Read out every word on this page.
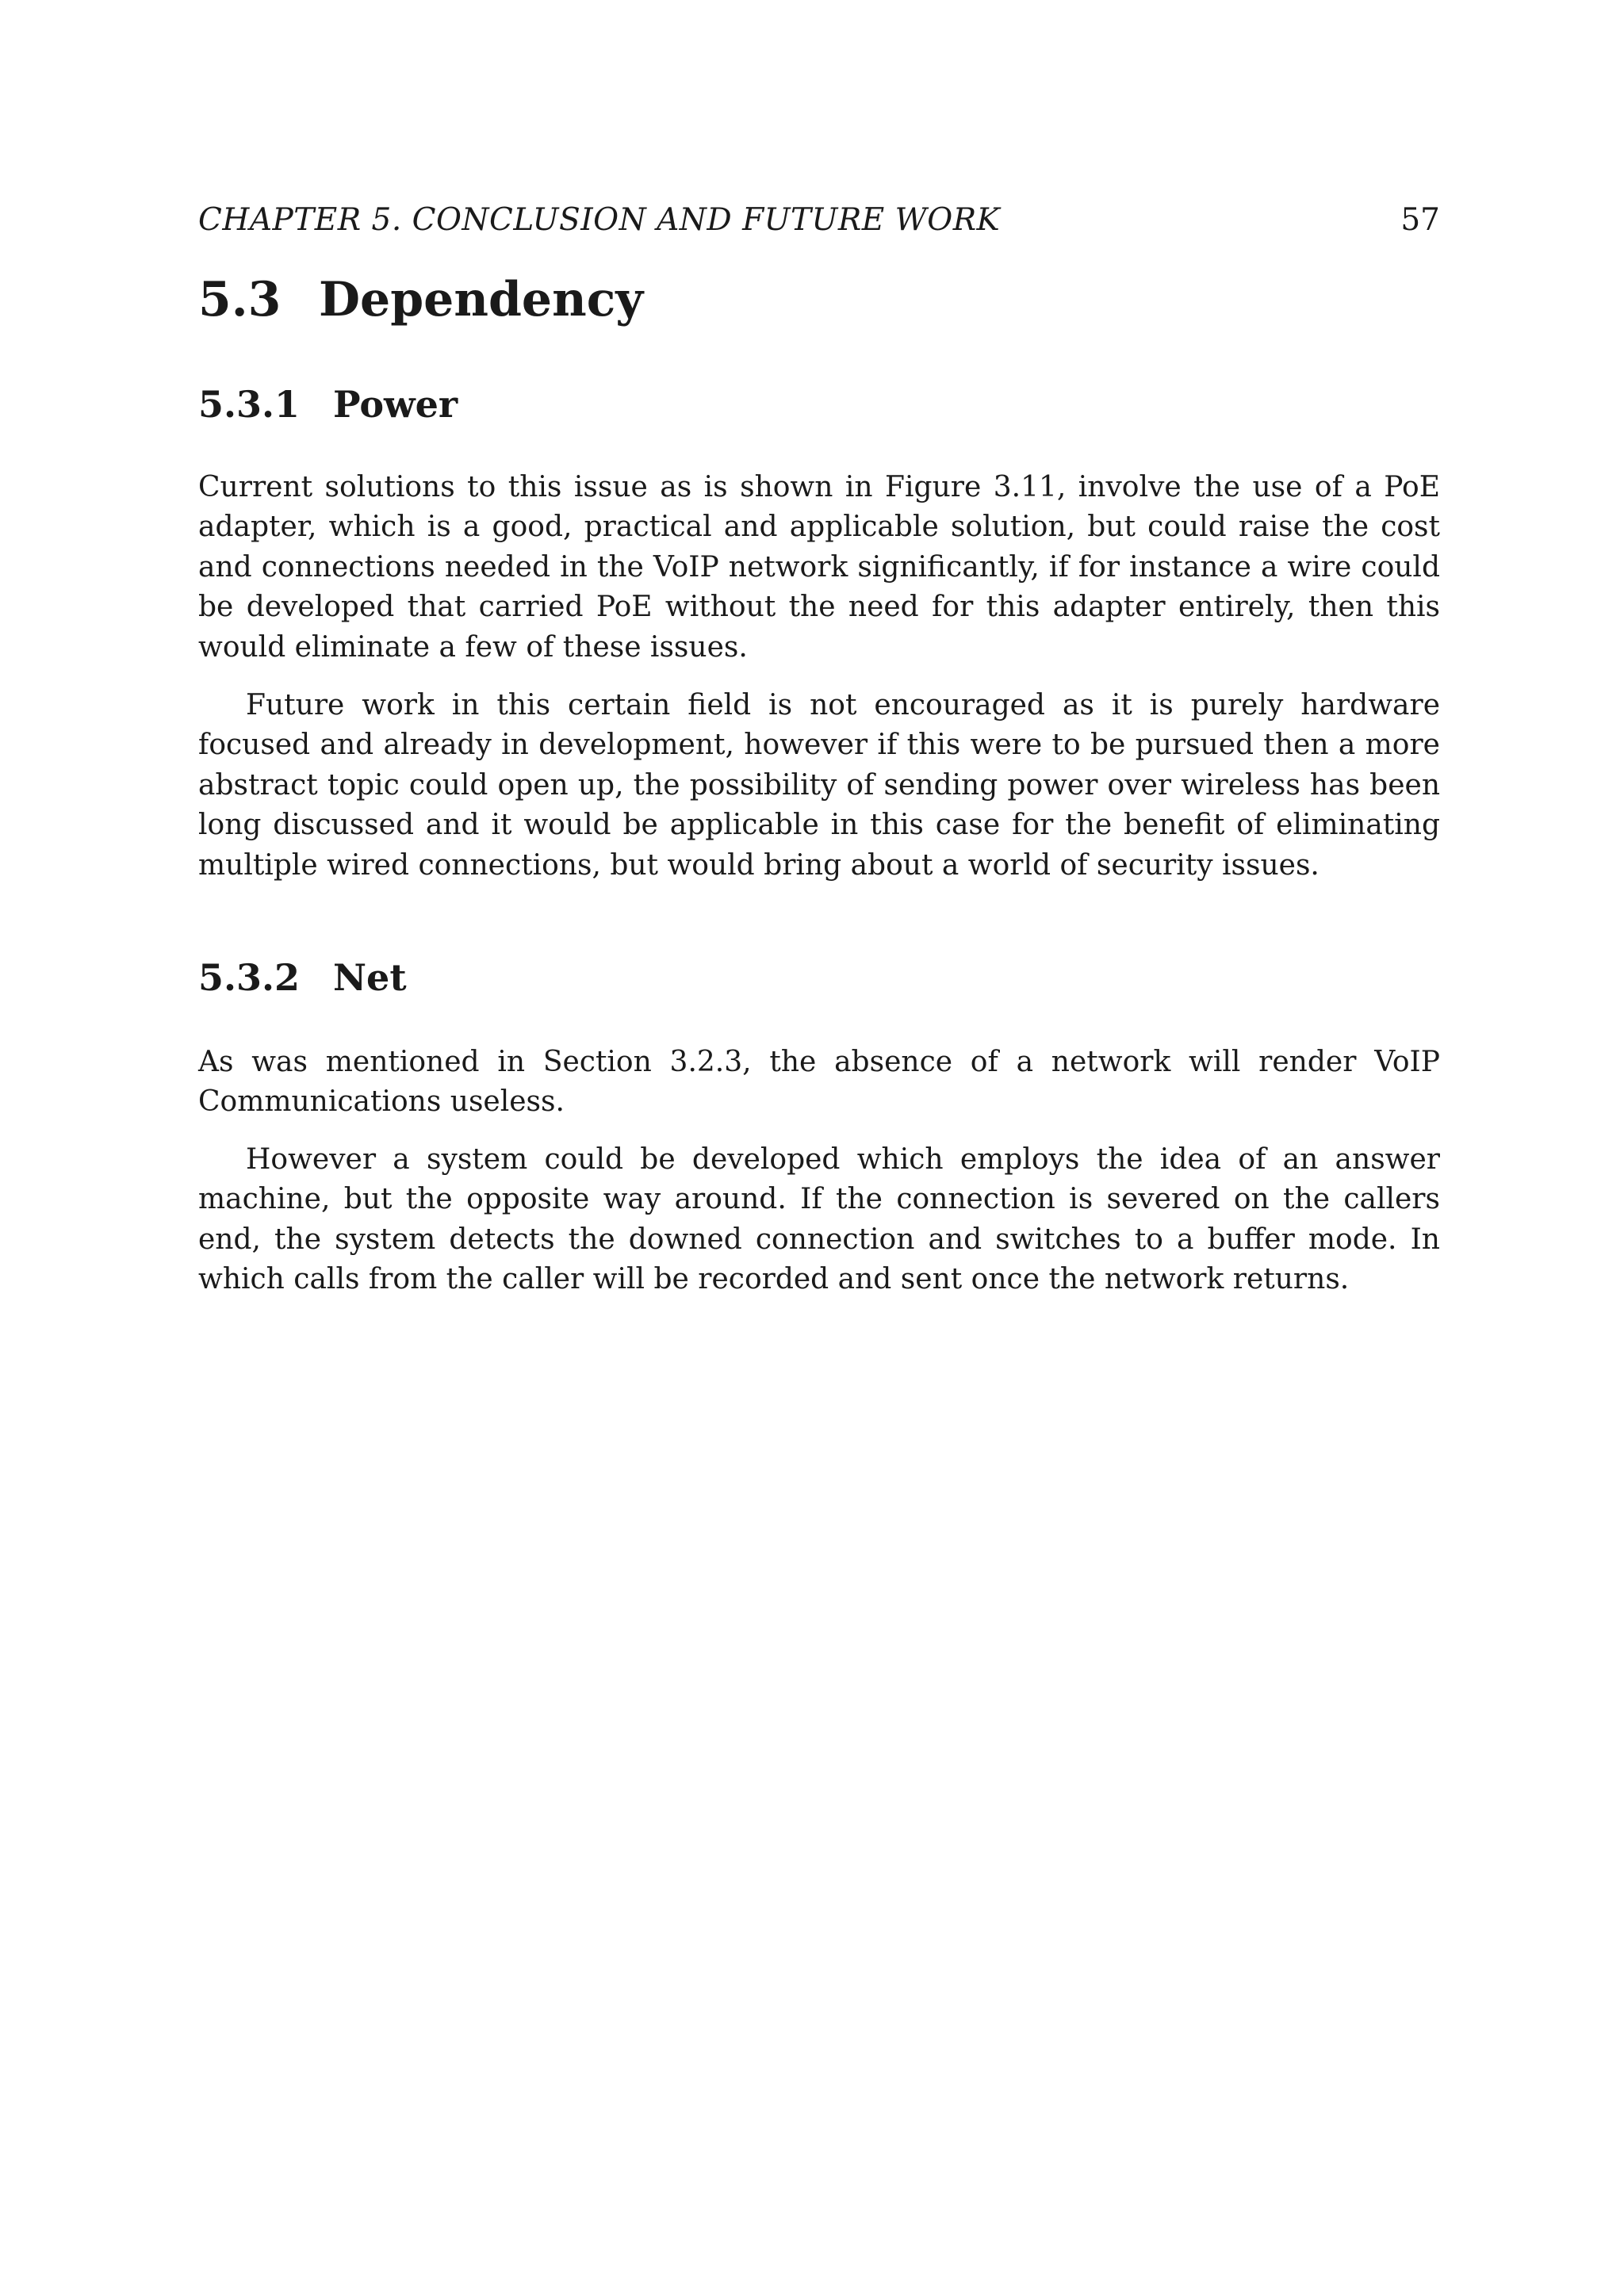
CHAPTER 5. CONCLUSION AND FUTURE WORK	57
5.3 Dependency
5.3.1 Power

Current solutions to this issue as is shown in Figure 3.11, involve the use of a PoE adapter, which is a good, practical and applicable solution, but could raise the cost and connections needed in the VoIP network significantly, if for instance a wire could be developed that carried PoE without the need for this adapter entirely, then this would eliminate a few of these issues.

Future work in this certain field is not encouraged as it is purely hardware focused and already in development, however if this were to be pursued then a more abstract topic could open up, the possibility of sending power over wireless has been long discussed and it would be applicable in this case for the benefit of eliminating multiple wired connections, but would bring about a world of security issues.

5.3.2 Net

As was mentioned in Section 3.2.3, the absence of a network will render VoIP Communications useless.

However a system could be developed which employs the idea of an answer machine, but the opposite way around. If the connection is severed on the callers end, the system detects the downed connection and switches to a buffer mode. In which calls from the caller will be recorded and sent once the network returns.
